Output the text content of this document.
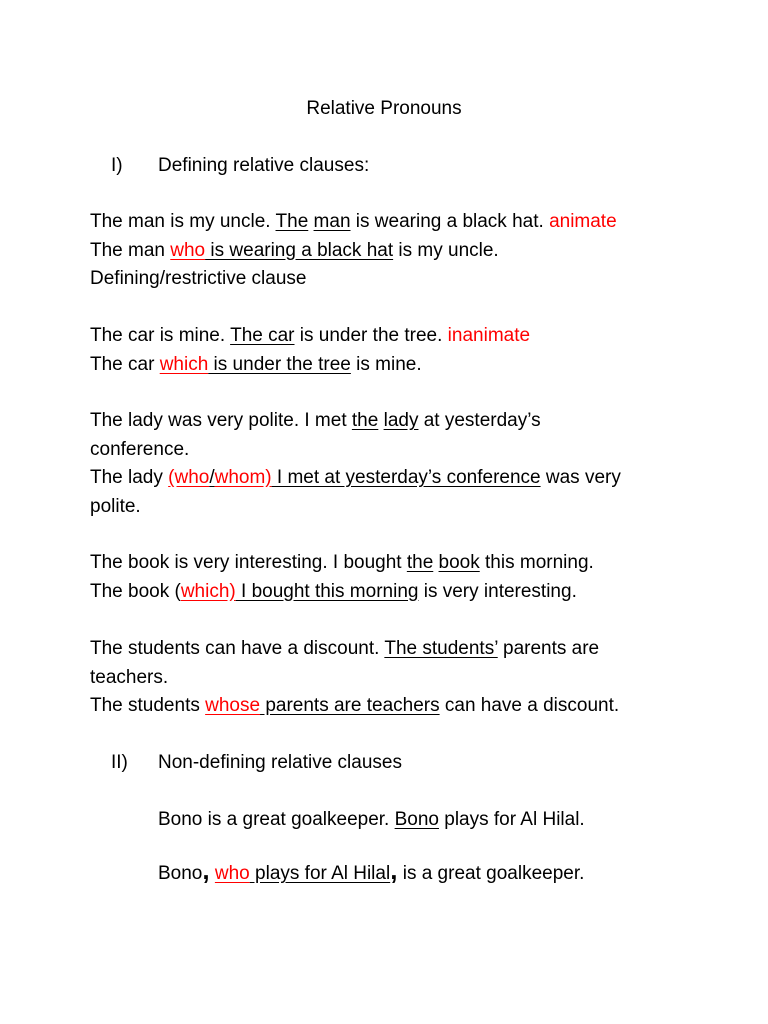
Relative Pronouns
I) Defining relative clauses:
The man is my uncle. The man is wearing a black hat. animate
The man who is wearing a black hat is my uncle.
Defining/restrictive clause
The car is mine. The car is under the tree. inanimate
The car which is under the tree is mine.
The lady was very polite. I met the lady at yesterday’s
conference.
The lady (who/whom) I met at yesterday’s conference was very
polite.
The book is very interesting. I bought the book this morning.
The book (which) I bought this morning is very interesting.
The students can have a discount. The students’ parents are
teachers.
The students whose parents are teachers can have a discount.
II) Non-defining relative clauses
Bono is a great goalkeeper. Bono plays for Al Hilal.
Bono, who plays for Al Hilal, is a great goalkeeper.
